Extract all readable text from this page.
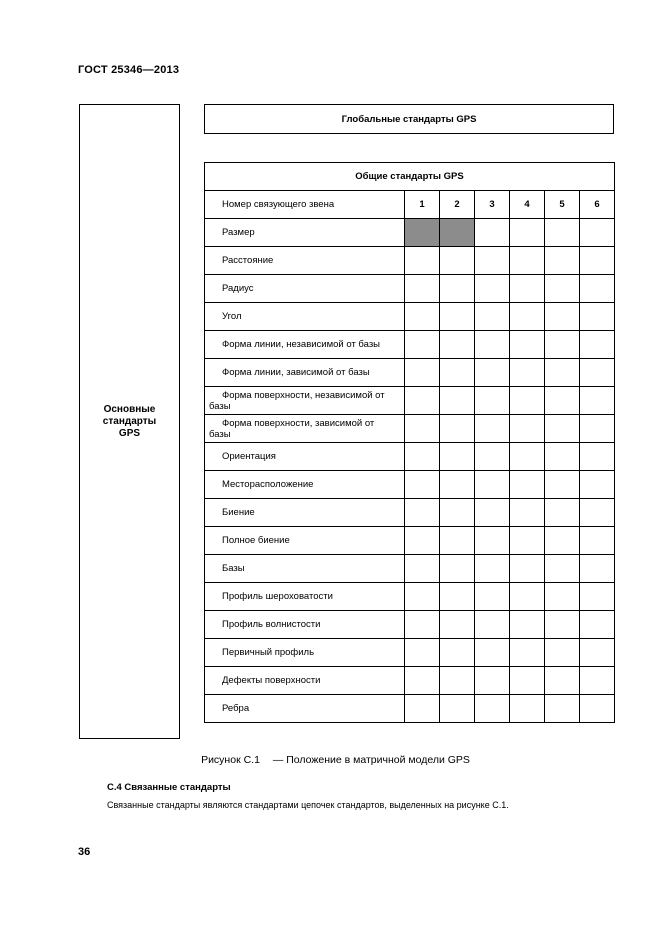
ГОСТ 25346—2013
Основные
стандарты
GPS
Глобальные стандарты GPS
Общие стандарты GPS						
Номер связующего звена	1	2	3	4	5	6
Размер						
Расстояние						
Радиус						
Угол						
Форма линии, независимой от базы						
Форма линии, зависимой от базы						

Форма поверхности, независимой от
базы						

Форма поверхности, зависимой от
базы						

Ориентация						
Месторасположение						
Биение						
Полное биение						
Базы						
Профиль шероховатости						
Профиль волнистости						
Первичный профиль						
Дефекты поверхности						
Ребра						
Рисунок С.1 — Положение в матричной модели GPS
С.4 Связанные стандарты
Связанные стандарты являются стандартами цепочек стандартов, выделенных на рисунке С.1.
36
